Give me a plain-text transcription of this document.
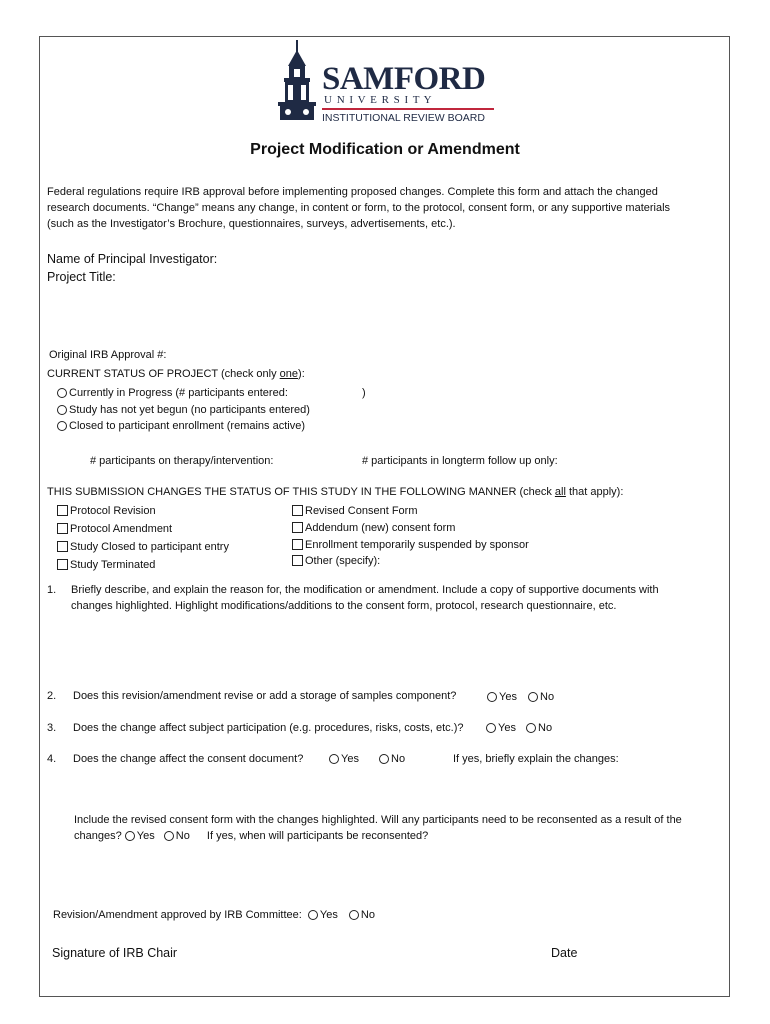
SAMFORD
U N I V E R S I T Y
INSTITUTIONAL REVIEW BOARD
Project Modification or Amendment
Federal regulations require IRB approval before implementing proposed changes. Complete this form and attach the changed
research documents. “Change” means any change, in content or form, to the protocol, consent form, or any supportive materials
(such as the Investigator’s Brochure, questionnaires, surveys, advertisements, etc.).
Name of Principal Investigator:
Project Title:
Original IRB Approval #:
CURRENT STATUS OF PROJECT (check only one):
Currently in Progress (# participants entered:	)
Study has not yet begun (no participants entered)
Closed to participant enrollment (remains active)
# participants on therapy/intervention:	# participants in longterm follow up only:
THIS SUBMISSION CHANGES THE STATUS OF THIS STUDY IN THE FOLLOWING MANNER (check all that apply):
Protocol Revision
Protocol Amendment
Study Closed to participant entry
Study Terminated
Revised Consent Form
Addendum (new) consent form
Enrollment temporarily suspended by sponsor
Other (specify):
1. Briefly describe, and explain the reason for, the modification or amendment. Include a copy of supportive documents with
changes highlighted. Highlight modifications/additions to the consent form, protocol, research questionnaire, etc.
2. Does this revision/amendment revise or add a storage of samples component?	Yes	No
3. Does the change affect subject participation (e.g. procedures, risks, costs, etc.)?	Yes	No
4. Does the change affect the consent document?	Yes	No	If yes, briefly explain the changes:
Include the revised consent form with the changes highlighted. Will any participants need to be reconsented as a result of the
changes? Yes No If yes, when will participants be reconsented?
Revision/Amendment approved by IRB Committee: Yes No
Signature of IRB Chair	Date
